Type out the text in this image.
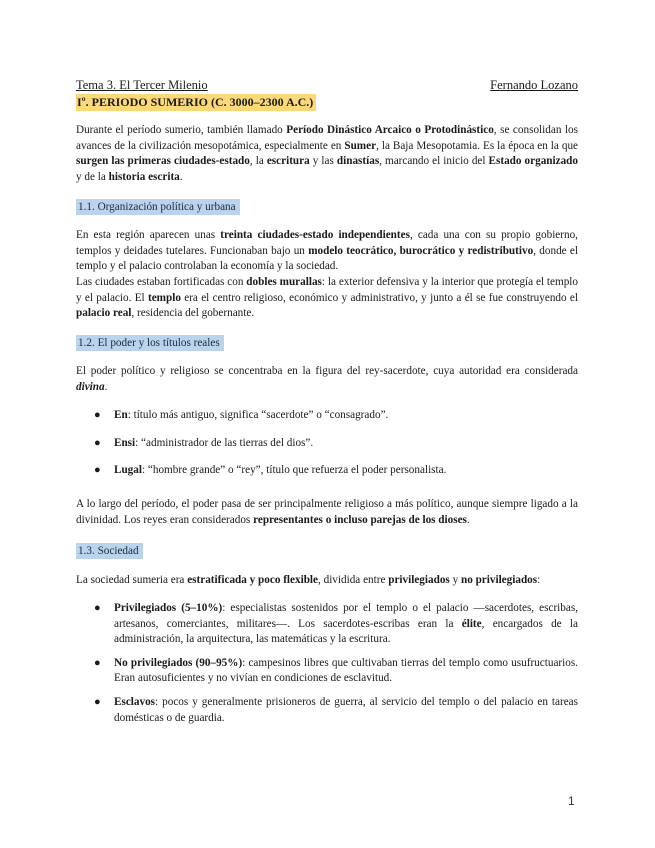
Tema 3. El Tercer Milenio	Fernando Lozano
Iº. PERIODO SUMERIO (C. 3000–2300 A.C.)

Durante el período sumerio, también llamado Período Dinástico Arcaico o Protodinástico, se consolidan los avances de la civilización mesopotámica, especialmente en Sumer, la Baja Mesopotamia. Es la época en la que surgen las primeras ciudades-estado, la escritura y las dinastías, marcando el inicio del Estado organizado y de la historia escrita.

1.1. Organización política y urbana

En esta región aparecen unas treinta ciudades-estado independientes, cada una con su propio gobierno, templos y deidades tutelares. Funcionaban bajo un modelo teocrático, burocrático y redistributivo, donde el templo y el palacio controlaban la economía y la sociedad.

Las ciudades estaban fortificadas con dobles murallas: la exterior defensiva y la interior que protegía el templo y el palacio. El templo era el centro religioso, económico y administrativo, y junto a él se fue construyendo el palacio real, residencia del gobernante.

1.2. El poder y los títulos reales

El poder político y religioso se concentraba en la figura del rey-sacerdote, cuya autoridad era considerada divina.

● En: título más antiguo, significa “sacerdote” o “consagrado”.
● Ensi: “administrador de las tierras del dios”.
● Lugal: “hombre grande” o “rey”, título que refuerza el poder personalista.

A lo largo del período, el poder pasa de ser principalmente religioso a más político, aunque siempre ligado a la divinidad. Los reyes eran considerados representantes o incluso parejas de los dioses.

1.3. Sociedad

La sociedad sumeria era estratificada y poco flexible, dividida entre privilegiados y no privilegiados:

● Privilegiados (5–10%): especialistas sostenidos por el templo o el palacio —sacerdotes, escribas, artesanos, comerciantes, militares—. Los sacerdotes-escribas eran la élite, encargados de la administración, la arquitectura, las matemáticas y la escritura.
● No privilegiados (90–95%): campesinos libres que cultivaban tierras del templo como usufructuarios. Eran autosuficientes y no vivían en condiciones de esclavitud.
● Esclavos: pocos y generalmente prisioneros de guerra, al servicio del templo o del palacio en tareas domésticas o de guardia.
1
